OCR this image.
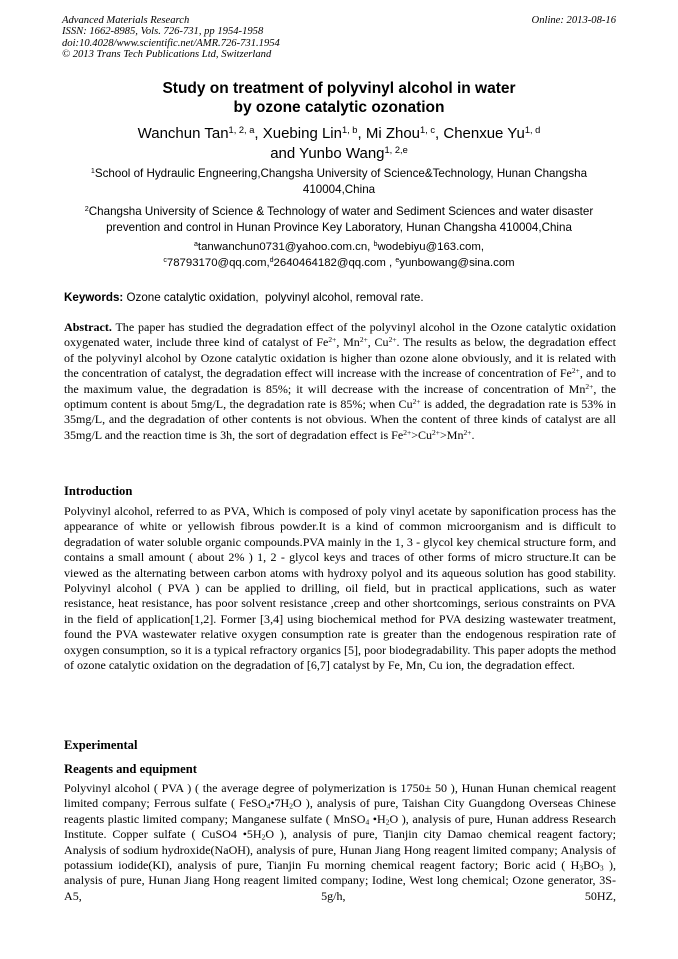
Advanced Materials Research
ISSN: 1662-8985, Vols. 726-731, pp 1954-1958
doi:10.4028/www.scientific.net/AMR.726-731.1954
© 2013 Trans Tech Publications Ltd, Switzerland
Online: 2013-08-16
Study on treatment of polyvinyl alcohol in water
by ozone catalytic ozonation
Wanchun Tan$^{1, 2, a}$, Xuebing Lin$^{1, b}$, Mi Zhou$^{1, c}$, Chenxue Yu$^{1, d}$
and Yunbo Wang$^{1, 2,e}$
$^1$School of Hydraulic Engneering,Changsha University of Science&Technology, Hunan Changsha 410004,China
$^2$Changsha University of Science & Technology of water and Sediment Sciences and water disaster prevention and control in Hunan Province Key Laboratory, Hunan Changsha 410004,China
$^a$tanwanchun0731@yahoo.com.cn, $^b$wodebiyu@163.com,
$^c$78793170@qq.com,$^d$2640464182@qq.com , $^e$yunbowang@sina.com
Keywords: Ozone catalytic oxidation,  polyvinyl alcohol, removal rate.
Abstract. The paper has studied the degradation effect of the polyvinyl alcohol in the Ozone catalytic oxidation oxygenated water, include three kind of catalyst of $Fe^{2+}$, $Mn^{2+}$, $Cu^{2+}$. The results as below, the degradation effect of the polyvinyl alcohol by Ozone catalytic oxidation is higher than ozone alone obviously, and it is related with the concentration of catalyst, the degradation effect will increase with the increase of concentration of $Fe^{2+}$, and to the maximum value, the degradation is 85%; it will decrease with the increase of concentration of $Mn^{2+}$, the optimum content is about 5mg/L, the degradation rate is 85%; when $Cu^{2+}$ is added, the degradation rate is 53% in 35mg/L, and the degradation of other contents is not obvious. When the content of three kinds of catalyst are all 35mg/L and the reaction time is 3h, the sort of degradation effect is $Fe^{2+}>Cu^{2+}>Mn^{2+}$.
Introduction
Polyvinyl alcohol, referred to as PVA, Which is composed of poly vinyl acetate by saponification process has the appearance of white or yellowish fibrous powder.It is a kind of common microorganism and is difficult to degradation of water soluble organic compounds.PVA mainly in the 1, 3 - glycol key chemical structure form, and contains a small amount ( about 2% ) 1, 2 - glycol keys and traces of other forms of micro structure.It can be viewed as the alternating between carbon atoms with hydroxy polyol and its aqueous solution has good stability. Polyvinyl alcohol ( PVA ) can be applied to drilling, oil field, but in practical applications, such as water resistance, heat resistance, has poor solvent resistance ,creep and other shortcomings, serious constraints on PVA in the field of application[1,2]. Former [3,4] using biochemical method for PVA desizing wastewater treatment, found the PVA wastewater relative oxygen consumption rate is greater than the endogenous respiration rate of oxygen consumption, so it is a typical refractory organics [5], poor biodegradability. This paper adopts the method of ozone catalytic oxidation on the degradation of [6,7] catalyst by Fe, Mn, Cu ion, the degradation effect.
Experimental
Reagents and equipment
Polyvinyl alcohol ( PVA ) ( the average degree of polymerization is 1750± 50 ), Hunan Hunan chemical reagent limited company; Ferrous sulfate ( $FeSO_4•7H_2O$ ), analysis of pure, Taishan City Guangdong Overseas Chinese reagents plastic limited company; Manganese sulfate ( MnSO$_4$ $•H_2O$ ), analysis of pure, Hunan address Research Institute. Copper sulfate ( CuSO4 $•5H_2O$ ), analysis of pure, Tianjin city Damao chemical reagent factory; Analysis of sodium hydroxide(NaOH), analysis of pure, Hunan Jiang Hong reagent limited company; Analysis of potassium iodide(KI), analysis of pure, Tianjin Fu morning chemical reagent factory; Boric acid ( $H_3BO_3$ ), analysis of pure, Hunan Jiang Hong reagent limited company; Iodine, West long chemical; Ozone generator, 3S-A5, 5g/h, 50HZ,
